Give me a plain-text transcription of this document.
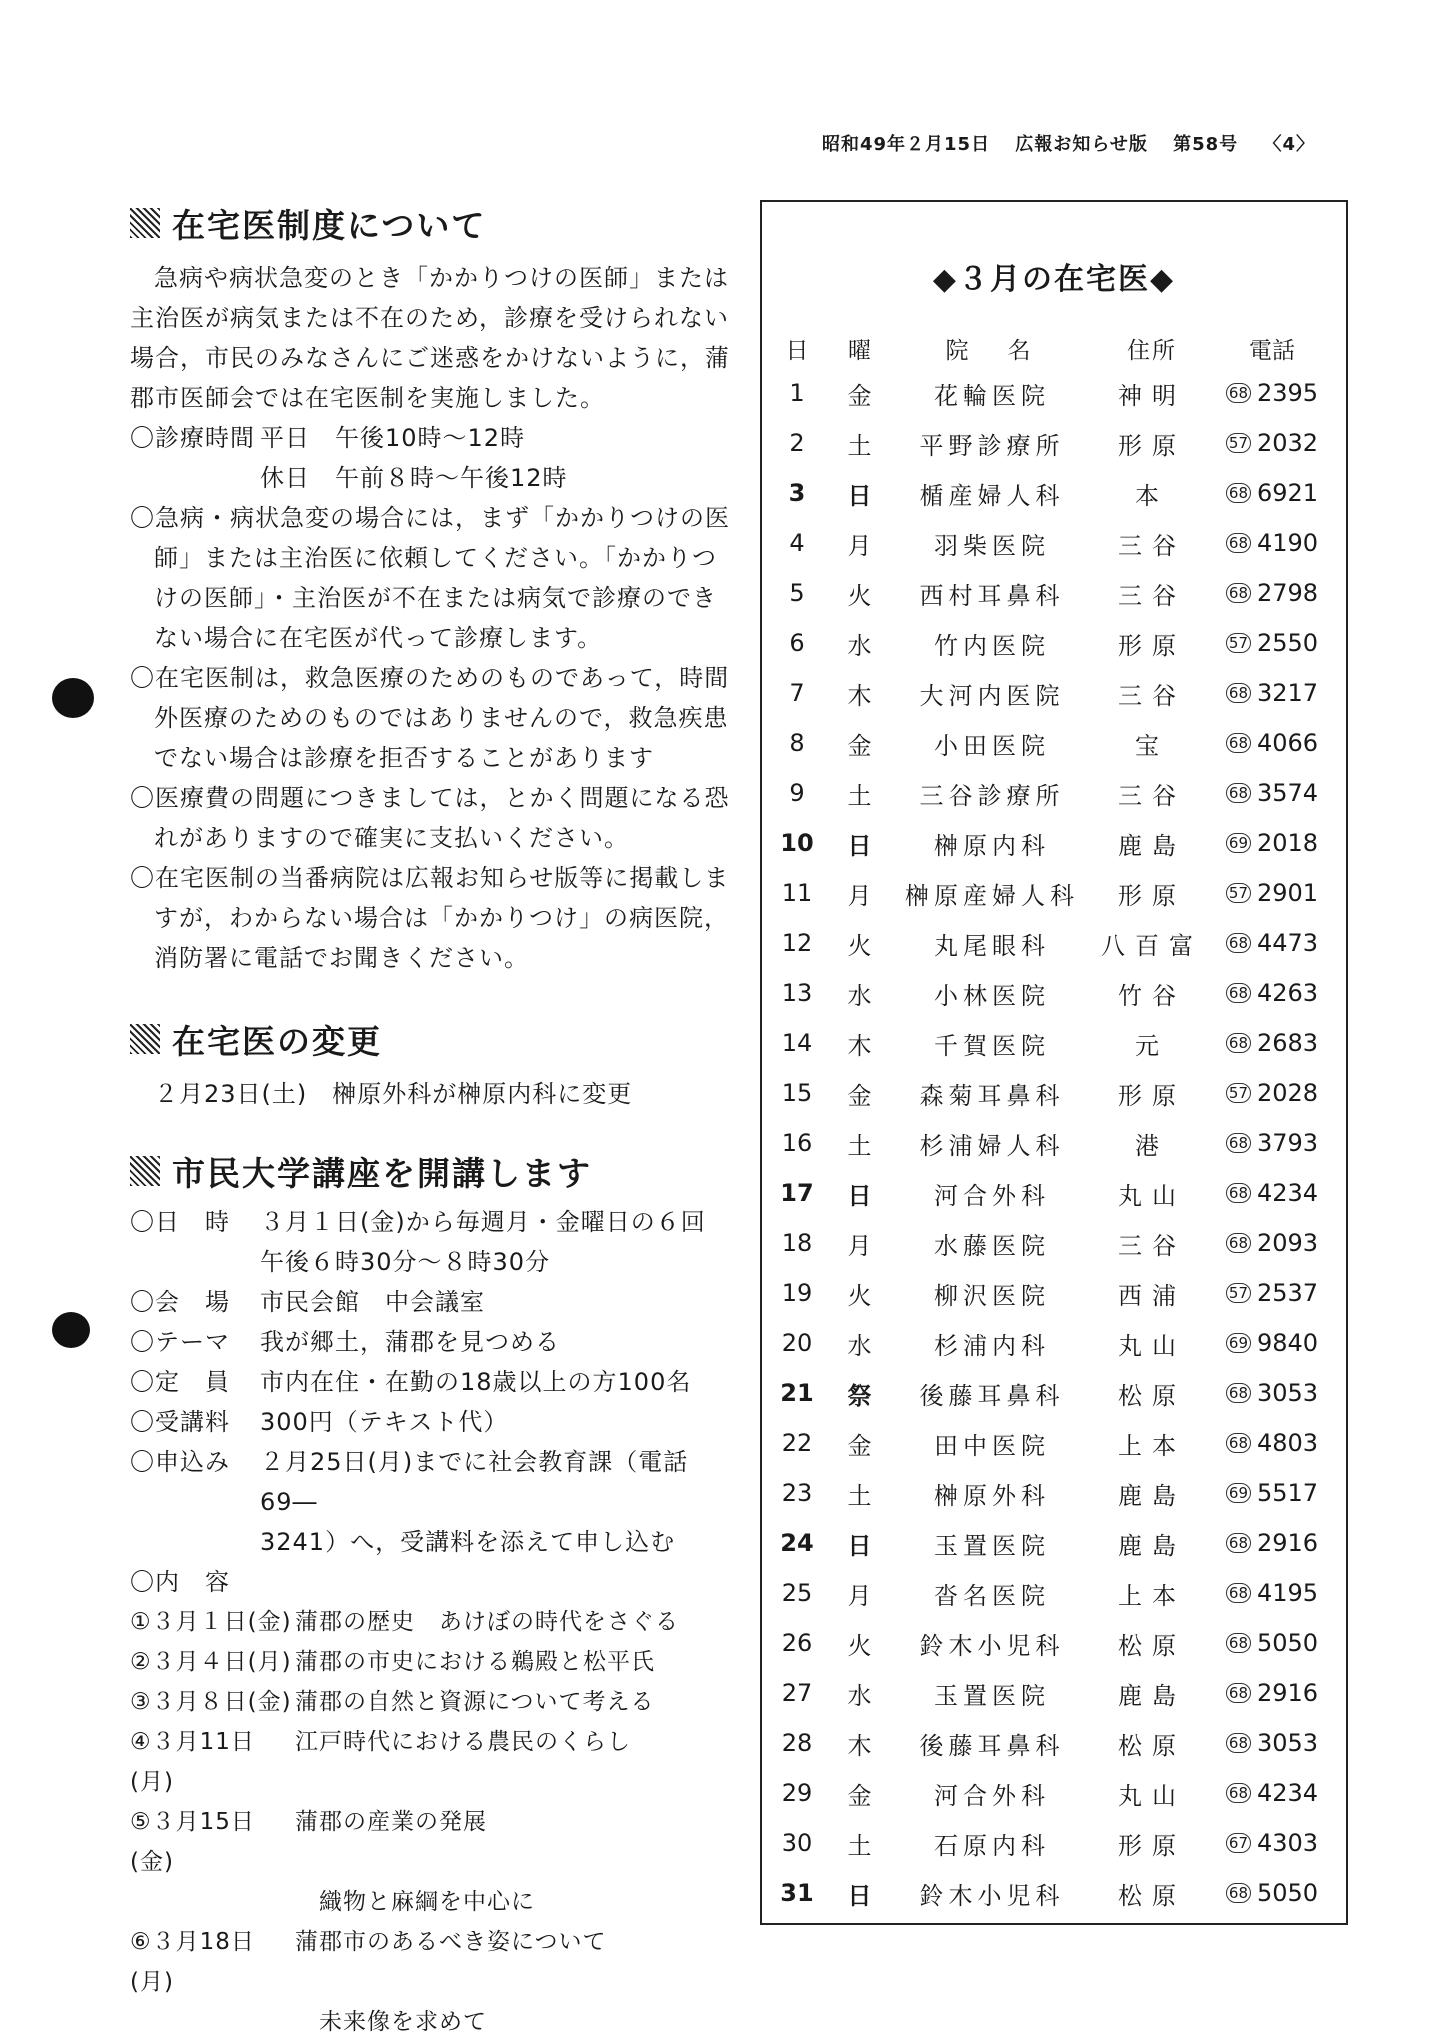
昭和49年２月15日 広報お知らせ版 第58号 〈4〉
在宅医制度について

急病や病状急変のとき「かかりつけの医師」または主治医が病気または不在のため，診療を受けられない場合，市民のみなさんにご迷惑をかけないように，蒲郡市医師会では在宅医制を実施しました。

〇診療時間 平日　午後10時〜12時
休日　午前８時〜午後12時

〇急病・病状急変の場合には，まず「かかりつけの医師」または主治医に依頼してください。「かかりつけの医師」・主治医が不在または病気で診療のできない場合に在宅医が代って診療します。

〇在宅医制は，救急医療のためのものであって，時間外医療のためのものではありませんので，救急疾患でない場合は診療を拒否することがあります

〇医療費の問題につきましては，とかく問題になる恐れがありますので確実に支払いください。

〇在宅医制の当番病院は広報お知らせ版等に掲載しますが，わからない場合は「かかりつけ」の病医院，消防署に電話でお聞きください。

在宅医の変更

２月23日(土)　榊原外科が榊原内科に変更

市民大学講座を開講します
〇日　時	３月１日(金)から毎週月・金曜日の６回
午後６時30分〜８時30分
〇会　場	市民会館　中会議室
〇テーマ	我が郷土，蒲郡を見つめる
〇定　員	市内在住・在勤の18歳以上の方100名
〇受講料	300円（テキスト代）
〇申込み	２月25日(月)までに社会教育課（電話69―
3241）へ，受講料を添えて申し込む
〇内　容
①３月１日(金) 蒲郡の歴史　あけぼの時代をさぐる
②３月４日(月) 蒲郡の市史における鵜殿と松平氏
③３月８日(金) 蒲郡の自然と資源について考える
④３月11日(月)
江戸時代における農民のくらし
⑤３月15日(金)
蒲郡の産業の発展
織物と麻綱を中心に
⑥３月18日(月)
蒲郡市のあるべき姿について
未来像を求めて
◆３月の在宅医◆
日	曜	院　名	住所	電話
1	金	花輪医院	神明	68 2395
2	土	平野診療所	形原	57 2032
3	日	楯産婦人科	本	68 6921
4	月	羽柴医院	三谷	68 4190
5	火	西村耳鼻科	三谷	68 2798
6	水	竹内医院	形原	57 2550
7	木	大河内医院	三谷	68 3217
8	金	小田医院	宝	68 4066
9	土	三谷診療所	三谷	68 3574
10	日	榊原内科	鹿島	69 2018
11	月	榊原産婦人科	形原	57 2901
12	火	丸尾眼科	八百富 68 4473
13	水	小林医院	竹谷	68 4263
14	木	千賀医院	元	68 2683
15	金	森菊耳鼻科	形原	57 2028
16	土	杉浦婦人科	港	68 3793
17	日	河合外科	丸山	68 4234
18	月	水藤医院	三谷	68 2093
19	火	柳沢医院	西浦	57 2537
20	水	杉浦内科	丸山	69 9840
21	祭	後藤耳鼻科	松原	68 3053
22	金	田中医院	上本	68 4803
23	土	榊原外科	鹿島	69 5517
24	日	玉置医院	鹿島	68 2916
25	月	沓名医院	上本	68 4195
26	火	鈴木小児科	松原	68 5050
27	水	玉置医院	鹿島	68 2916
28	木	後藤耳鼻科	松原	68 3053
29	金	河合外科	丸山	68 4234
30	土	石原内科	形原	67 4303
31	日	鈴木小児科	松原	68 5050
